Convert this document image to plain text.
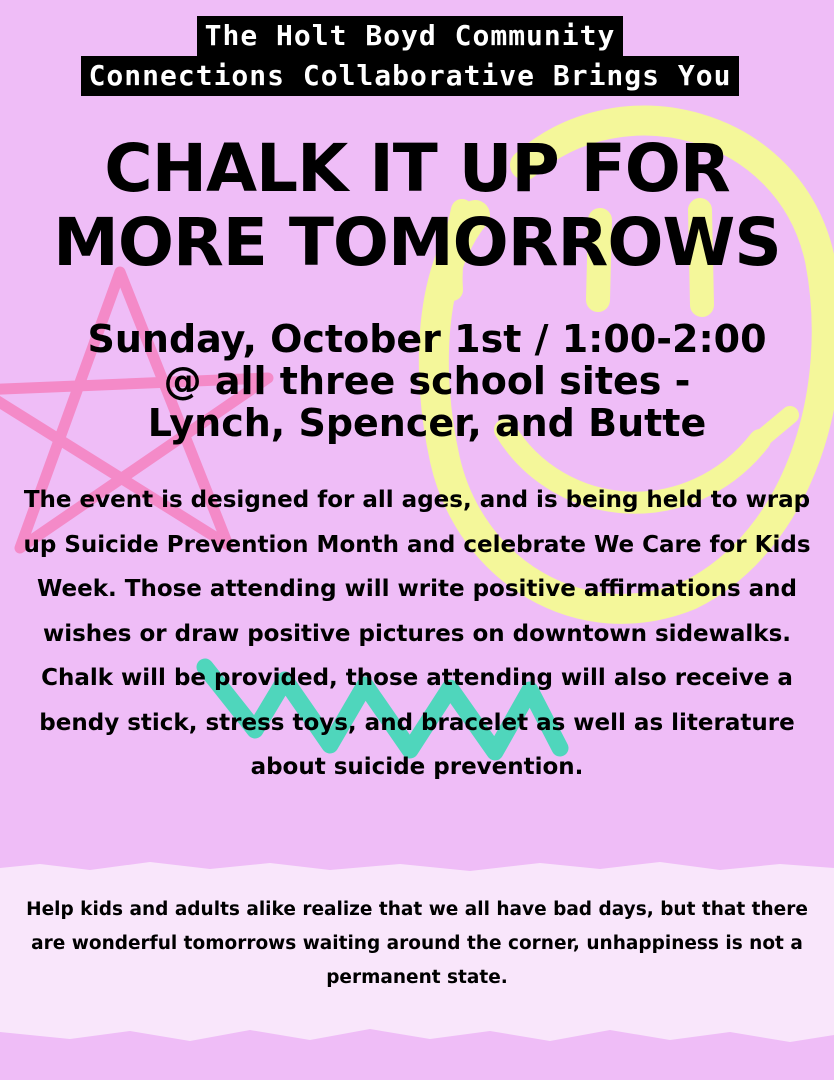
The Holt Boyd Community
Connections Collaborative Brings You
CHALK IT UP FOR
MORE TOMORROWS
Sunday, October 1st / 1:00-2:00
@ all three school sites -
Lynch, Spencer, and Butte

The event is designed for all ages, and is being held to wrap up Suicide Prevention Month and celebrate We Care for Kids Week. Those attending will write positive affirmations and wishes or draw positive pictures on downtown sidewalks. Chalk will be provided, those attending will also receive a bendy stick, stress toys, and bracelet as well as literature about suicide prevention.

Help kids and adults alike realize that we all have bad days, but that there are wonderful tomorrows waiting around the corner, unhappiness is not a permanent state.
